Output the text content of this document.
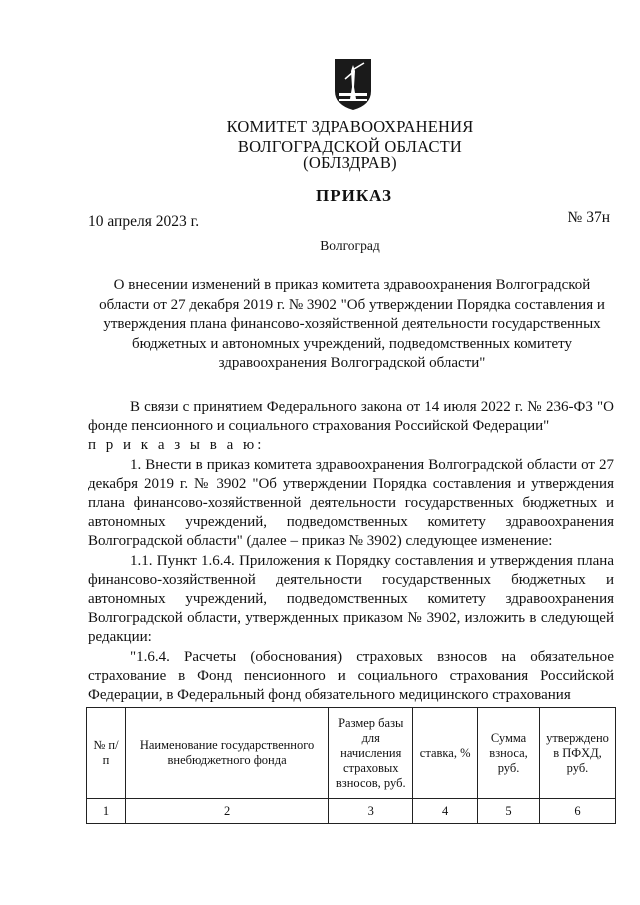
КОМИТЕТ ЗДРАВООХРАНЕНИЯ
ВОЛГОГРАДСКОЙ ОБЛАСТИ
(ОБЛЗДРАВ)
ПРИКАЗ
10 апреля 2023 г.	№ 37н
Волгоград
О внесении изменений в приказ комитета здравоохранения Волгоградской области от 27 декабря 2019 г. № 3902 "Об утверждении Порядка составления и утверждения плана финансово-хозяйственной деятельности государственных бюджетных и автономных учреждений, подведомственных комитету здравоохранения Волгоградской области"

В связи с принятием Федерального закона от 14 июля 2022 г. № 236-ФЗ "О фонде пенсионного и социального страхования Российской Федерации"

п р и к а з ы в а ю:

1. Внести в приказ комитета здравоохранения Волгоградской области от 27 декабря 2019 г. № 3902 "Об утверждении Порядка составления и утверждения плана финансово-хозяйственной деятельности государственных бюджетных и автономных учреждений, подведомственных комитету здравоохранения Волгоградской области" (далее – приказ № 3902) следующее изменение:

1.1. Пункт 1.6.4. Приложения к Порядку составления и утверждения плана финансово-хозяйственной деятельности государственных бюджетных и автономных учреждений, подведомственных комитету здравоохранения Волгоградской области, утвержденных приказом № 3902, изложить в следующей редакции:

"1.6.4. Расчеты (обоснования) страховых взносов на обязательное страхование в Фонд пенсионного и социального страхования Российской Федерации, в Федеральный фонд обязательного медицинского страхования

№ п/п	Наименование государственного внебюджетного фонда	Размер базы для начисления страховых взносов, руб.	ставка, %	Сумма взноса, руб.	утверждено в ПФХД, руб.
1	2	3	4	5	6
